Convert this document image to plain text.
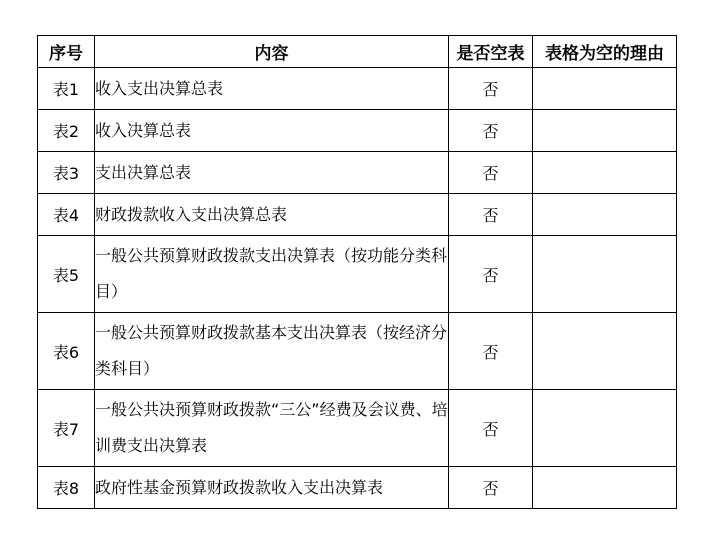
序号	内容	是否空表	表格为空的理由
表1	收入支出决算总表	否	
表2	收入决算总表	否	
表3	支出决算总表	否	
表4	财政拨款收入支出决算总表	否	
表5	一般公共预算财政拨款支出决算表（按功能分类科目）	否	
表6	一般公共预算财政拨款基本支出决算表（按经济分类科目）	否	
表7	一般公共决预算财政拨款“三公”经费及会议费、培训费支出决算表	否	
表8	政府性基金预算财政拨款收入支出决算表	否	
